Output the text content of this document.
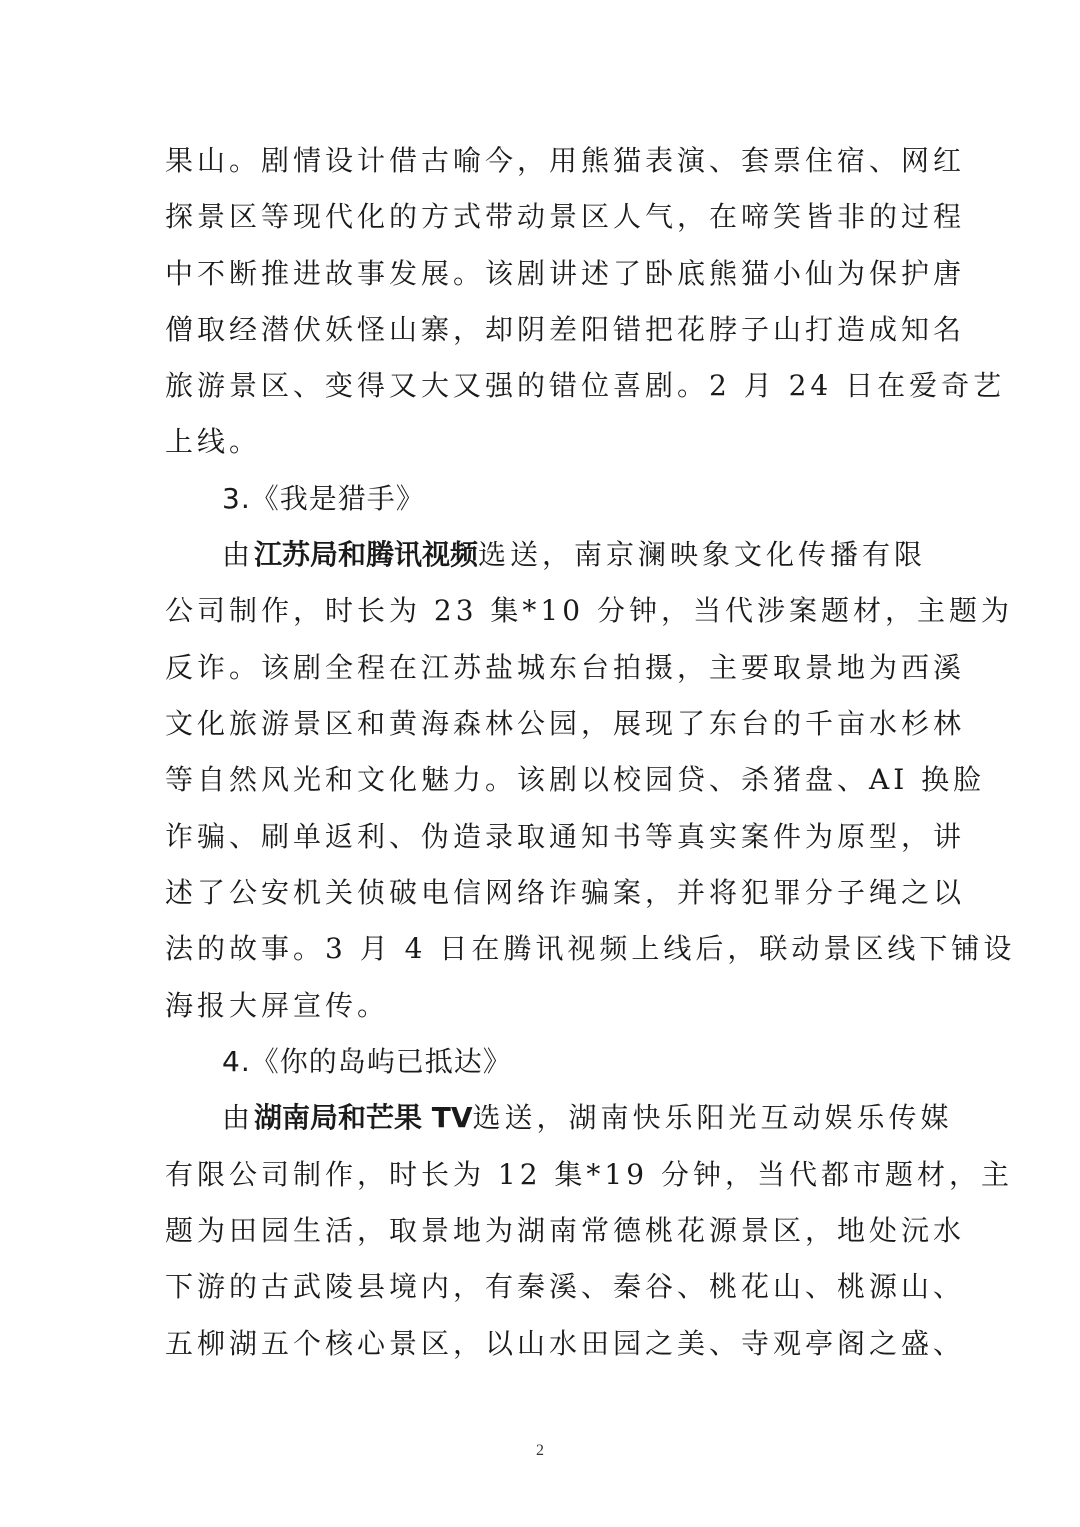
果山。剧情设计借古喻今，用熊猫表演、套票住宿、网红
探景区等现代化的方式带动景区人气，在啼笑皆非的过程
中不断推进故事发展。该剧讲述了卧底熊猫小仙为保护唐
僧取经潜伏妖怪山寨，却阴差阳错把花脖子山打造成知名
旅游景区、变得又大又强的错位喜剧。2 月 24 日在爱奇艺
上线。
3.《我是猎手》
由江苏局和腾讯视频选送，南京澜映象文化传播有限
公司制作，时长为 23 集*10 分钟，当代涉案题材，主题为
反诈。该剧全程在江苏盐城东台拍摄，主要取景地为西溪
文化旅游景区和黄海森林公园，展现了东台的千亩水杉林
等自然风光和文化魅力。该剧以校园贷、杀猪盘、AI 换脸
诈骗、刷单返利、伪造录取通知书等真实案件为原型，讲
述了公安机关侦破电信网络诈骗案，并将犯罪分子绳之以
法的故事。3 月 4 日在腾讯视频上线后，联动景区线下铺设
海报大屏宣传。
4.《你的岛屿已抵达》
由湖南局和芒果 TV选送，湖南快乐阳光互动娱乐传媒
有限公司制作，时长为 12 集*19 分钟，当代都市题材，主
题为田园生活，取景地为湖南常德桃花源景区，地处沅水
下游的古武陵县境内，有秦溪、秦谷、桃花山、桃源山、
五柳湖五个核心景区，以山水田园之美、寺观亭阁之盛、
2
